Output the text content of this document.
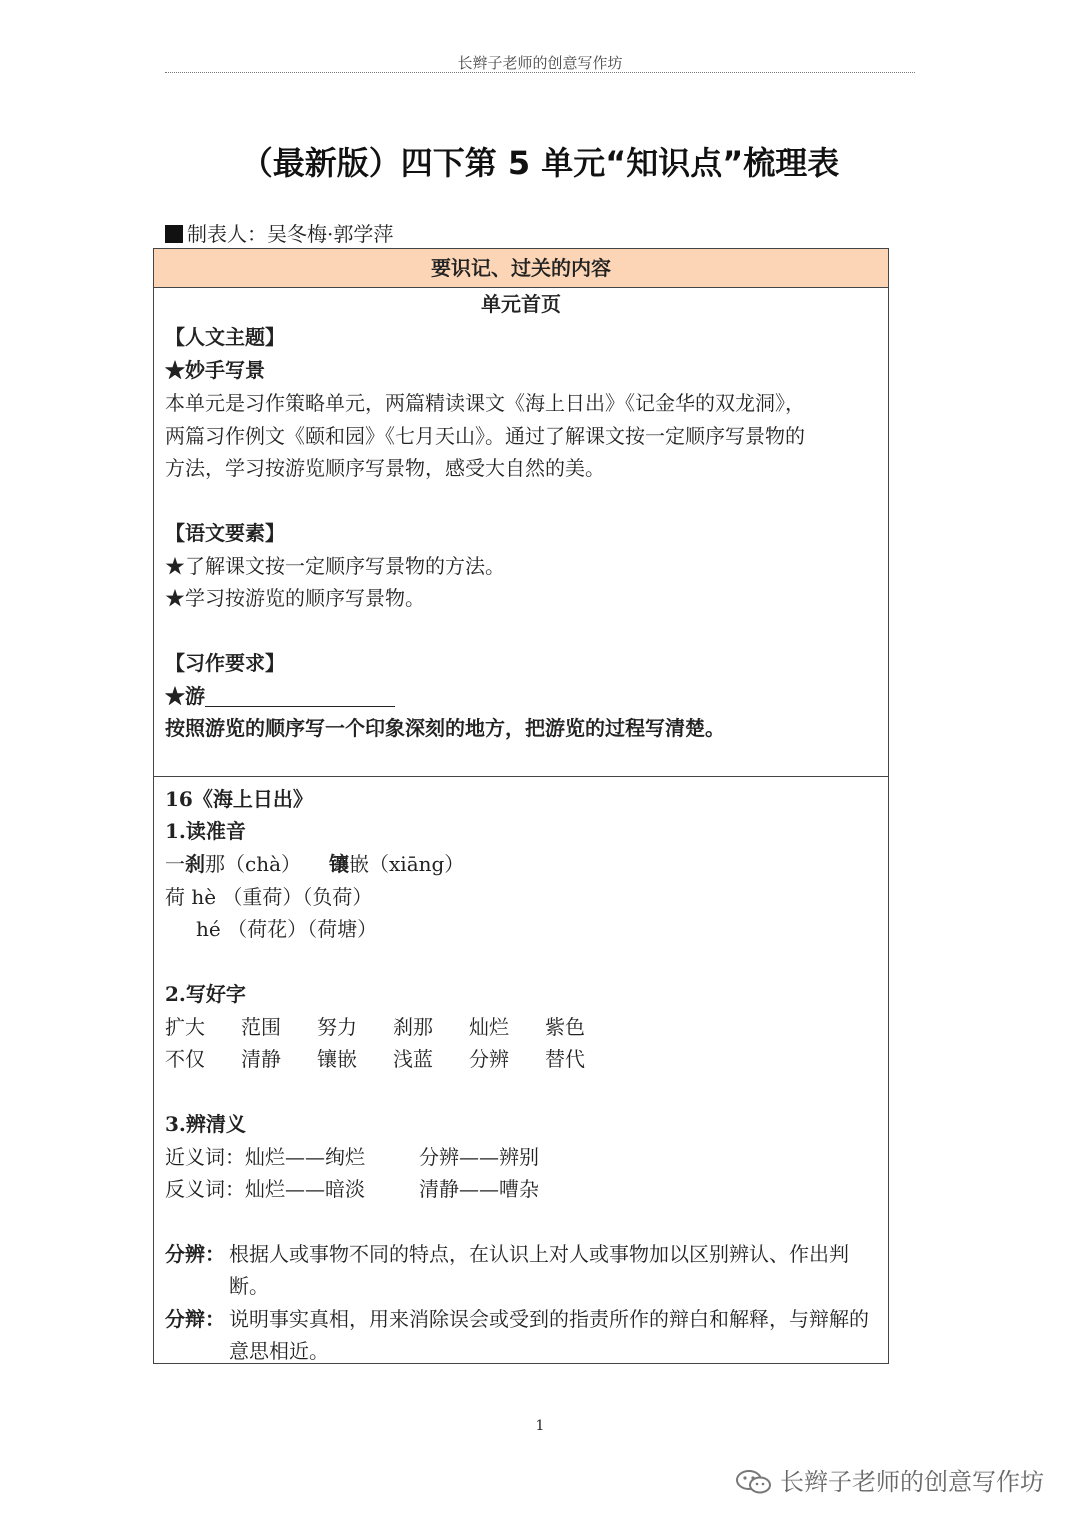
长辫子老师的创意写作坊
（最新版）四下第 5 单元“知识点”梳理表
制表人：吴冬梅·郭学萍
要识记、过关的内容
单元首页
【人文主题】
★妙手写景
本单元是习作策略单元，两篇精读课文《海上日出》《记金华的双龙洞》，
两篇习作例文《颐和园》《七月天山》。通过了解课文按一定顺序写景物的
方法，学习按游览顺序写景物，感受大自然的美。
【语文要素】
★了解课文按一定顺序写景物的方法。
★学习按游览的顺序写景物。
【习作要求】
★游
按照游览的顺序写一个印象深刻的地方，把游览的过程写清楚。
16《海上日出》
1.读准音
一刹那（chà） 镶嵌（xiāng）
荷 hè （重荷）（负荷）
hé （荷花）（荷塘）
2.写好字
扩大 范围 努力 刹那 灿烂 紫色
不仅 清静 镶嵌 浅蓝 分辨 替代
3.辨清义
近义词：灿烂——绚烂	分辨——辨别
反义词：灿烂——暗淡	清静——嘈杂
分辨： 根据人或事物不同的特点，在认识上对人或事物加以区别辨认、作出判断。
分辩： 说明事实真相，用来消除误会或受到的指责所作的辩白和解释，与辩解的意思相近。
1
长辫子老师的创意写作坊
